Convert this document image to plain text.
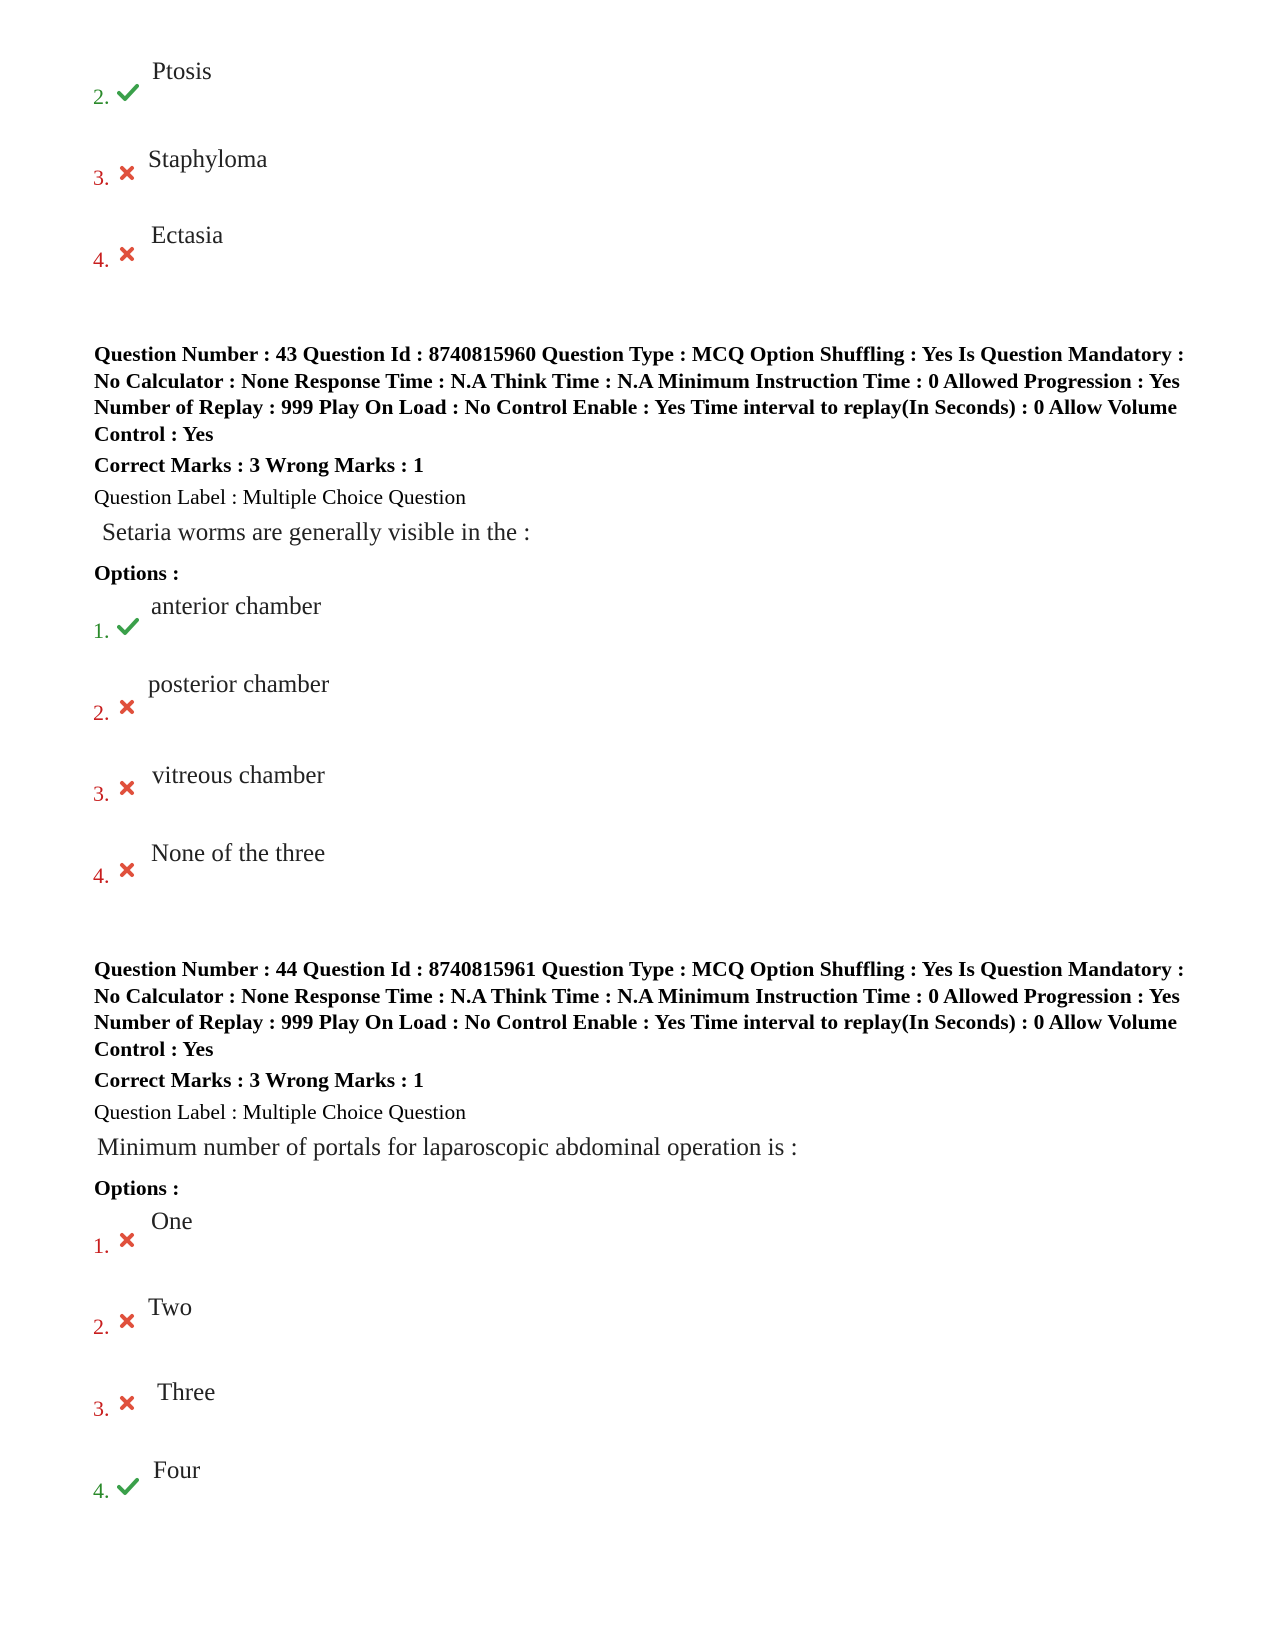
Ptosis
2.
Staphyloma
3.
Ectasia
4.

Question Number : 43 Question Id : 8740815960 Question Type : MCQ Option Shuffling : Yes Is Question Mandatory : No Calculator : None Response Time : N.A Think Time : N.A Minimum Instruction Time : 0 Allowed Progression : Yes Number of Replay : 999 Play On Load : No Control Enable : Yes Time interval to replay(In Seconds) : 0 Allow Volume Control : Yes

Correct Marks : 3 Wrong Marks : 1

Question Label : Multiple Choice Question

Setaria worms are generally visible in the :

Options :

anterior chamber
1.
posterior chamber
2.
vitreous chamber
3.
None of the three
4.

Question Number : 44 Question Id : 8740815961 Question Type : MCQ Option Shuffling : Yes Is Question Mandatory : No Calculator : None Response Time : N.A Think Time : N.A Minimum Instruction Time : 0 Allowed Progression : Yes Number of Replay : 999 Play On Load : No Control Enable : Yes Time interval to replay(In Seconds) : 0 Allow Volume Control : Yes

Correct Marks : 3 Wrong Marks : 1

Question Label : Multiple Choice Question

Minimum number of portals for laparoscopic abdominal operation is :

Options :

One
1.
Two
2.
Three
3.
Four
4.
